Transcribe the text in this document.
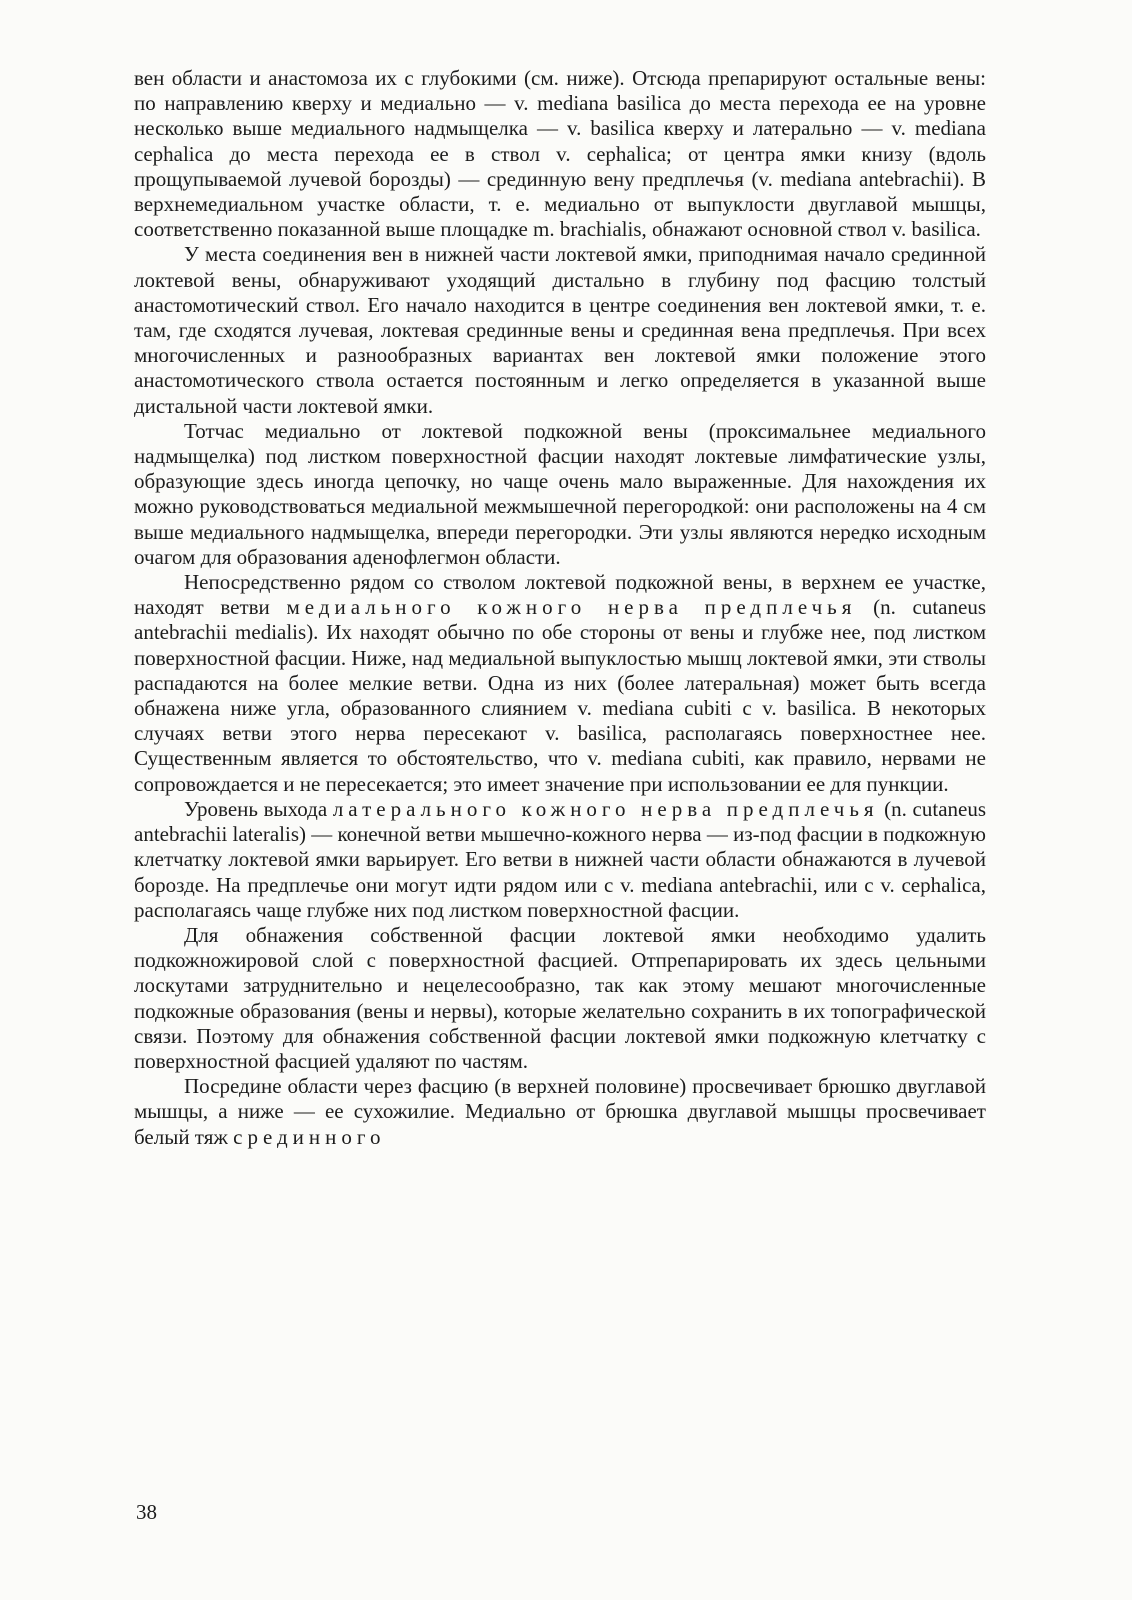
вен области и анастомоза их с глубокими (см. ниже). Отсюда препарируют остальные вены: по направлению кверху и медиально — v. mediana basilica до места перехода ее на уровне несколько выше медиального надмыщелка — v. basilica кверху и латерально — v. mediana cephalica до места перехода ее в ствол v. cephalica; от центра ямки книзу (вдоль прощупываемой лучевой борозды) — срединную вену предплечья (v. mediana antebrachii). В верхнемедиальном участке области, т. е. медиально от выпуклости двуглавой мышцы, соответственно показанной выше площадке m. brachialis, обнажают основной ствол v. basilica.

У места соединения вен в нижней части локтевой ямки, приподнимая начало срединной локтевой вены, обнаруживают уходящий дистально в глубину под фасцию толстый анастомотический ствол. Его начало находится в центре соединения вен локтевой ямки, т. е. там, где сходятся лучевая, локтевая срединные вены и срединная вена предплечья. При всех многочисленных и разнообразных вариантах вен локтевой ямки положение этого анастомотического ствола остается постоянным и легко определяется в указанной выше дистальной части локтевой ямки.

Тотчас медиально от локтевой подкожной вены (проксимальнее медиального надмыщелка) под листком поверхностной фасции находят локтевые лимфатические узлы, образующие здесь иногда цепочку, но чаще очень мало выраженные. Для нахождения их можно руководствоваться медиальной межмышечной перегородкой: они расположены на 4 см выше медиального надмыщелка, впереди перегородки. Эти узлы являются нередко исходным очагом для образования аденофлегмон области.

Непосредственно рядом со стволом локтевой подкожной вены, в верхнем ее участке, находят ветви медиального кожного нерва предплечья (n. cutaneus antebrachii medialis). Их находят обычно по обе стороны от вены и глубже нее, под листком поверхностной фасции. Ниже, над медиальной выпуклостью мышц локтевой ямки, эти стволы распадаются на более мелкие ветви. Одна из них (более латеральная) может быть всегда обнажена ниже угла, образованного слиянием v. mediana cubiti с v. basilica. В некоторых случаях ветви этого нерва пересекают v. basilica, располагаясь поверхностнее нее. Существенным является то обстоятельство, что v. mediana cubiti, как правило, нервами не сопровождается и не пересекается; это имеет значение при использовании ее для пункции.

Уровень выхода латерального кожного нерва предплечья (n. cutaneus antebrachii lateralis) — конечной ветви мышечно-кожного нерва — из-под фасции в подкожную клетчатку локтевой ямки варьирует. Его ветви в нижней части области обнажаются в лучевой борозде. На предплечье они могут идти рядом или с v. mediana antebrachii, или с v. cephalica, располагаясь чаще глубже них под листком поверхностной фасции.

Для обнажения собственной фасции локтевой ямки необходимо удалить подкожножировой слой с поверхностной фасцией. Отпрепарировать их здесь цельными лоскутами затруднительно и нецелесообразно, так как этому мешают многочисленные подкожные образования (вены и нервы), которые желательно сохранить в их топографической связи. Поэтому для обнажения собственной фасции локтевой ямки подкожную клетчатку с поверхностной фасцией удаляют по частям.

Посредине области через фасцию (в верхней половине) просвечивает брюшко двуглавой мышцы, а ниже — ее сухожилие. Медиально от брюшка двуглавой мышцы просвечивает белый тяж срединного

38
